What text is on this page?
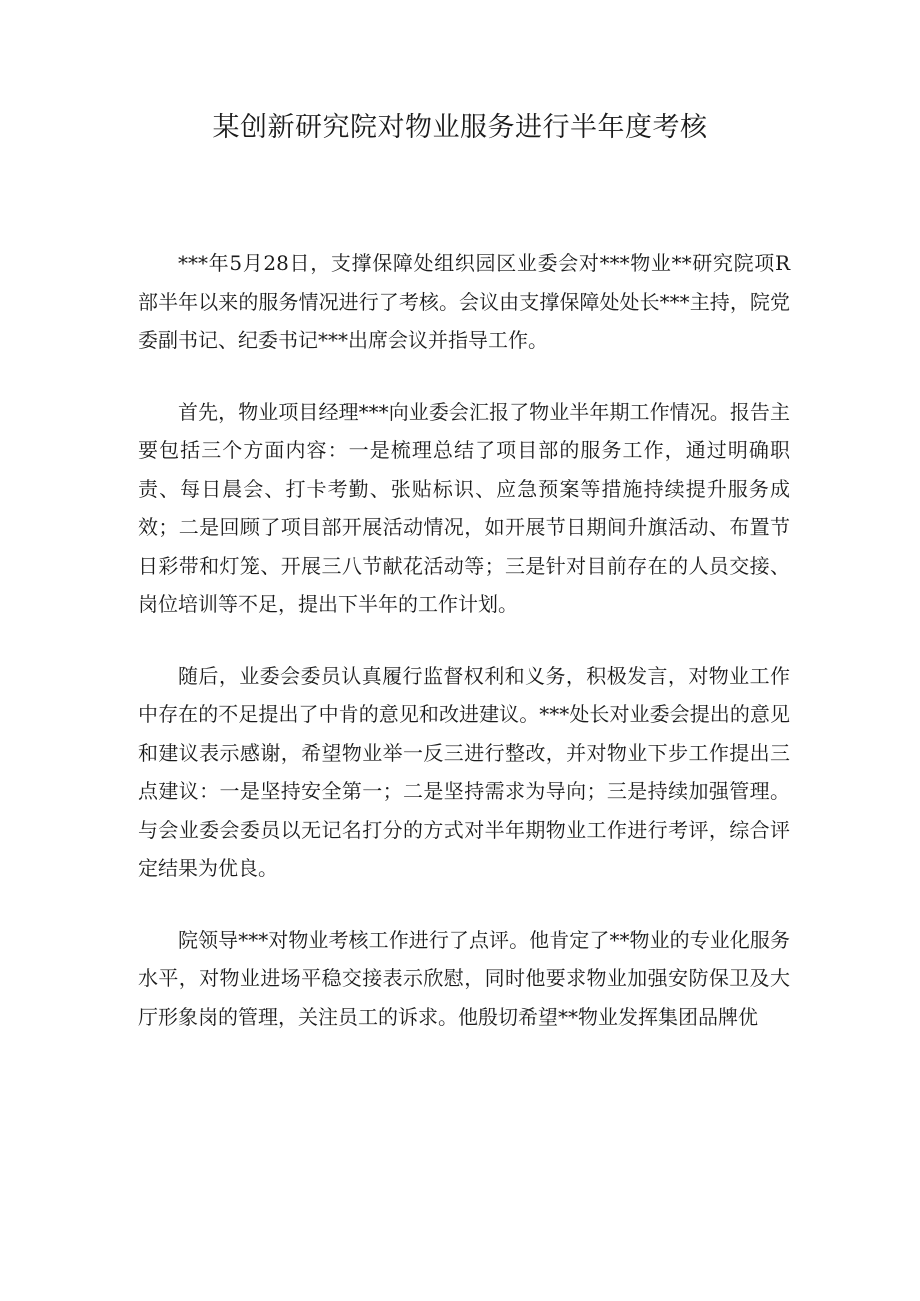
某创新研究院对物业服务进行半年度考核

***年5月28日，支撑保障处组织园区业委会对***物业**研究院项R部半年以来的服务情况进行了考核。会议由支撑保障处处长***主持，院党委副书记、纪委书记***出席会议并指导工作。

首先，物业项目经理***向业委会汇报了物业半年期工作情况。报告主要包括三个方面内容：一是梳理总结了项目部的服务工作，通过明确职责、每日晨会、打卡考勤、张贴标识、应急预案等措施持续提升服务成效；二是回顾了项目部开展活动情况，如开展节日期间升旗活动、布置节日彩带和灯笼、开展三八节献花活动等；三是针对目前存在的人员交接、岗位培训等不足，提出下半年的工作计划。

随后，业委会委员认真履行监督权利和义务，积极发言，对物业工作中存在的不足提出了中肯的意见和改进建议。***处长对业委会提出的意见和建议表示感谢，希望物业举一反三进行整改，并对物业下步工作提出三点建议：一是坚持安全第一；二是坚持需求为导向；三是持续加强管理。与会业委会委员以无记名打分的方式对半年期物业工作进行考评，综合评定结果为优良。

院领导***对物业考核工作进行了点评。他肯定了**物业的专业化服务水平，对物业进场平稳交接表示欣慰，同时他要求物业加强安防保卫及大厅形象岗的管理，关注员工的诉求。他殷切希望**物业发挥集团品牌优
